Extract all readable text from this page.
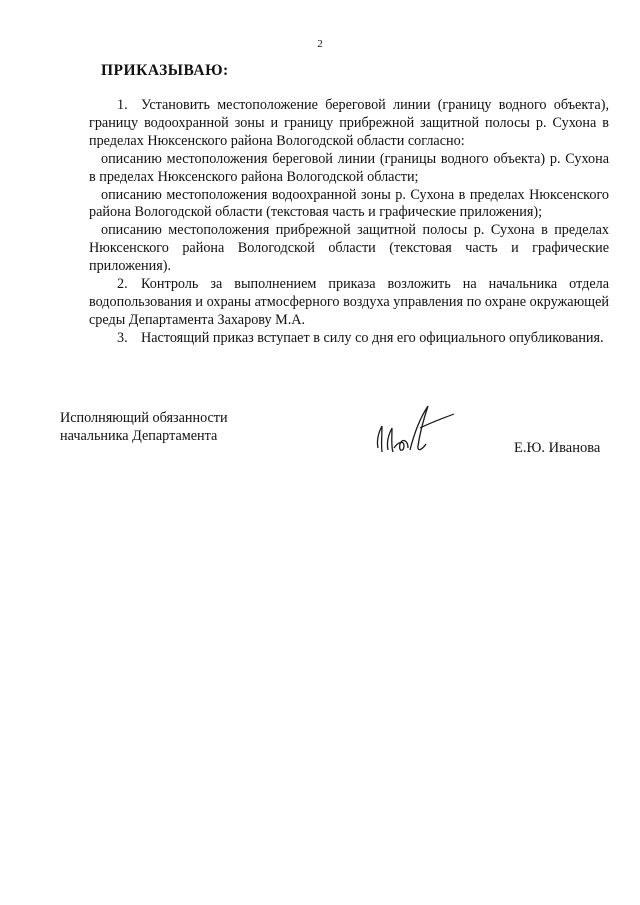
2
ПРИКАЗЫВАЮ:

1. Установить местоположение береговой линии (границу водного объекта), границу водоохранной зоны и границу прибрежной защитной полосы р. Сухона в пределах Нюксенского района Вологодской области согласно:

описанию местоположения береговой линии (границы водного объекта) р. Сухона в пределах Нюксенского района Вологодской области;

описанию местоположения водоохранной зоны р. Сухона в пределах Нюксенского района Вологодской области (текстовая часть и графические приложения);

описанию местоположения прибрежной защитной полосы р. Сухона в пределах Нюксенского района Вологодской области (текстовая часть и графические приложения).

2. Контроль за выполнением приказа возложить на начальника отдела водопользования и охраны атмосферного воздуха управления по охране окружающей среды Департамента Захарову М.А.

3. Настоящий приказ вступает в силу со дня его официального опубликования.

Исполняющий обязанности
начальника Департамента
Е.Ю. Иванова
